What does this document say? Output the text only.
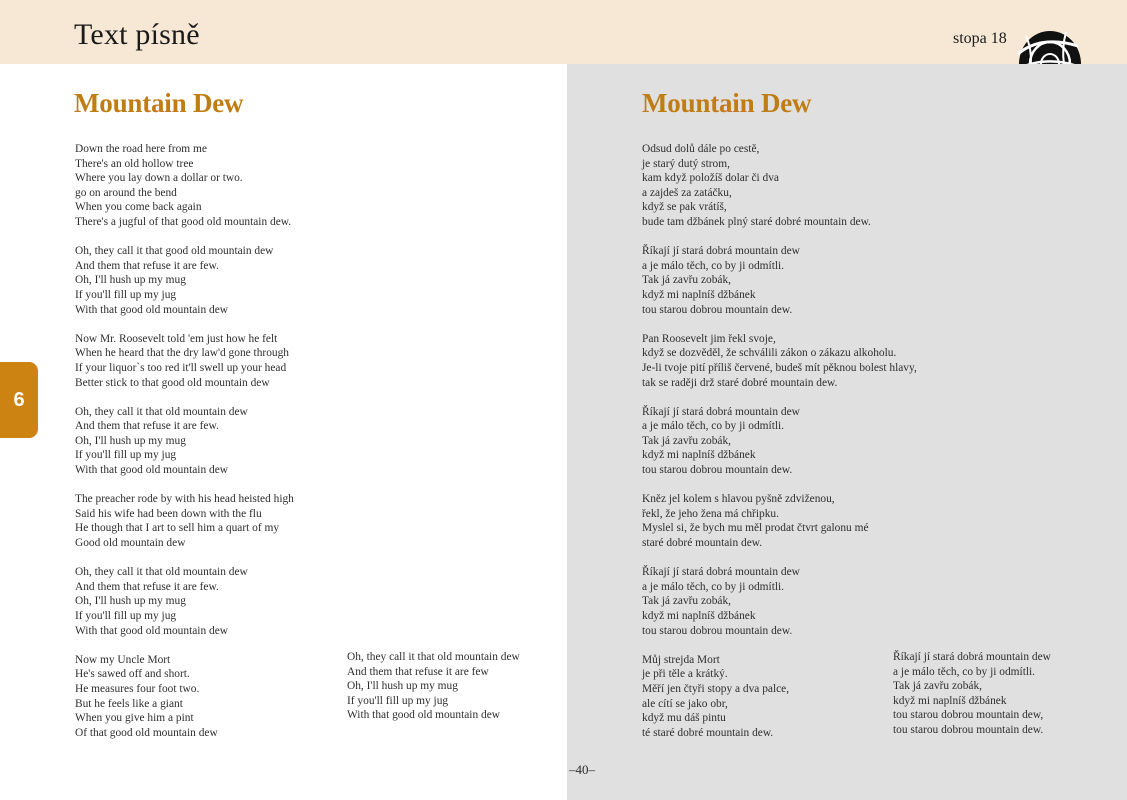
Text písně	stopa 18
6
Mountain Dew	Mountain Dew
Down the road here from me
There's an old hollow tree
Where you lay down a dollar or two.
go on around the bend
When you come back again
There's a jugful of that good old mountain dew.
Oh, they call it that good old mountain dew
And them that refuse it are few.
Oh, I'll hush up my mug
If you'll fill up my jug
With that good old mountain dew
Now Mr. Roosevelt told 'em just how he felt
When he heard that the dry law'd gone through
If your liquor`s too red it'll swell up your head
Better stick to that good old mountain dew
Oh, they call it that old mountain dew
And them that refuse it are few.
Oh, I'll hush up my mug
If you'll fill up my jug
With that good old mountain dew
The preacher rode by with his head heisted high
Said his wife had been down with the flu
He though that I art to sell him a quart of my
Good old mountain dew
Oh, they call it that old mountain dew
And them that refuse it are few.
Oh, I'll hush up my mug
If you'll fill up my jug
With that good old mountain dew
Now my Uncle Mort
He's sawed off and short.
He measures four foot two.
But he feels like a giant
When you give him a pint
Of that good old mountain dew
Oh, they call it that old mountain dew
And them that refuse it are few
Oh, I'll hush up my mug
If you'll fill up my jug
With that good old mountain dew
Odsud dolů dále po cestě,
je starý dutý strom,
kam když položíš dolar či dva
a zajdeš za zatáčku,
když se pak vrátíš,
bude tam džbánek plný staré dobré mountain dew.
Říkají jí stará dobrá mountain dew
a je málo těch, co by ji odmítli.
Tak já zavřu zobák,
když mi naplníš džbánek
tou starou dobrou mountain dew.
Pan Roosevelt jim řekl svoje,
když se dozvěděl, že schválili zákon o zákazu alkoholu.
Je-li tvoje pití příliš červené, budeš mít pěknou bolest hlavy,
tak se raději drž staré dobré mountain dew.
Říkají jí stará dobrá mountain dew
a je málo těch, co by ji odmítli.
Tak já zavřu zobák,
když mi naplníš džbánek
tou starou dobrou mountain dew.
Kněz jel kolem s hlavou pyšně zdviženou,
řekl, že jeho žena má chřipku.
Myslel si, že bych mu měl prodat čtvrt galonu mé
staré dobré mountain dew.
Říkají jí stará dobrá mountain dew
a je málo těch, co by ji odmítli.
Tak já zavřu zobák,
když mi naplníš džbánek
tou starou dobrou mountain dew.
Můj strejda Mort
je při těle a krátký.
Měří jen čtyři stopy a dva palce,
ale cítí se jako obr,
když mu dáš pintu
té staré dobré mountain dew.
Říkají jí stará dobrá mountain dew
a je málo těch, co by ji odmítli.
Tak já zavřu zobák,
když mi naplníš džbánek
tou starou dobrou mountain dew,
tou starou dobrou mountain dew.
–40–
